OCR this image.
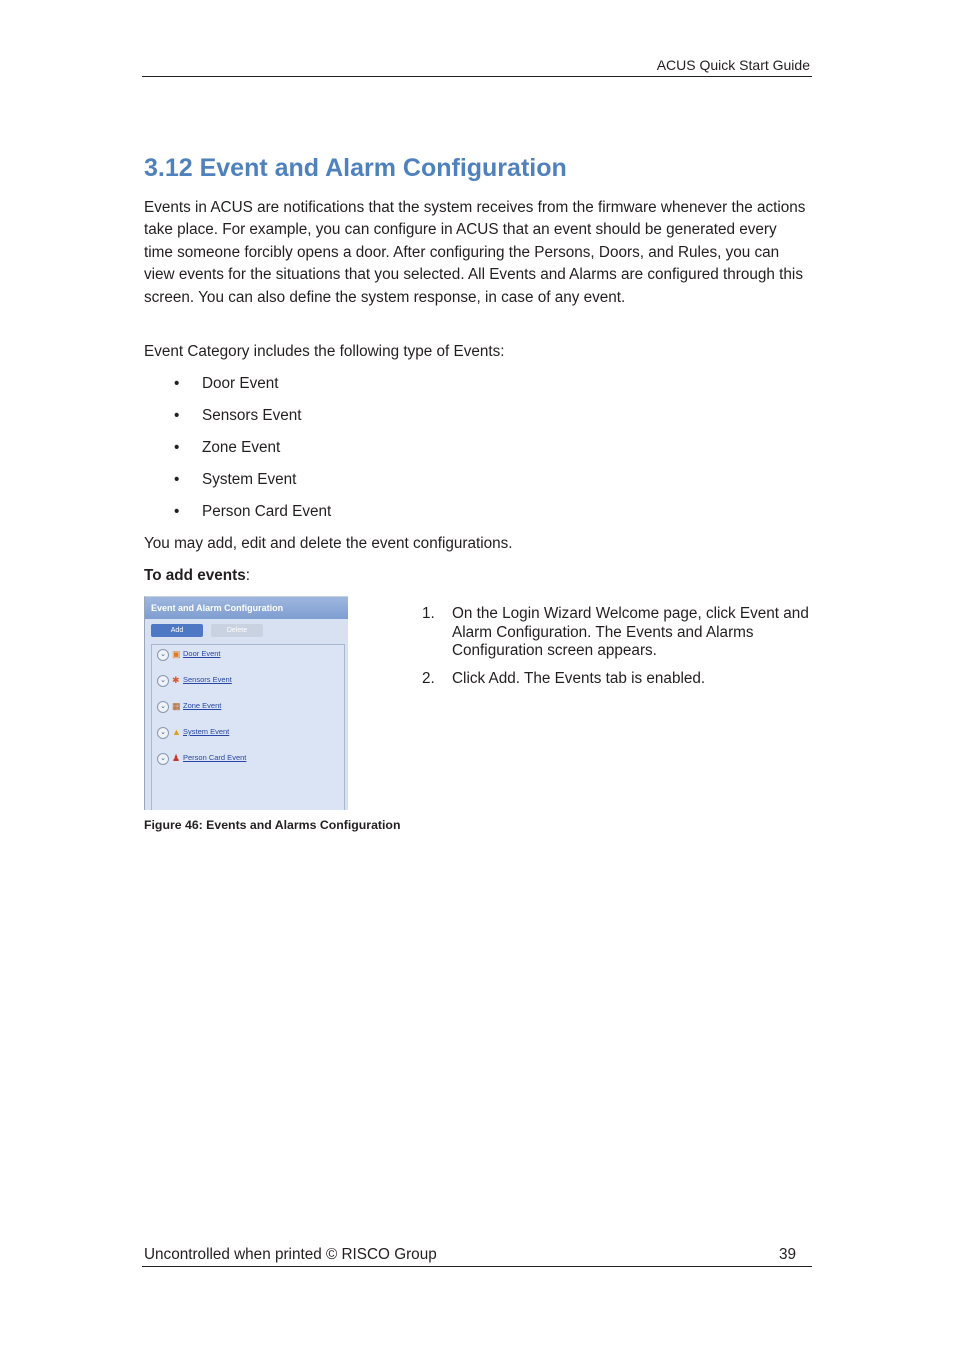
ACUS Quick Start Guide
3.12 Event and Alarm Configuration

Events in ACUS are notifications that the system receives from the firmware whenever the actions take place. For example, you can configure in ACUS that an event should be generated every time someone forcibly opens a door. After configuring the Persons, Doors, and Rules, you can view events for the situations that you selected. All Events and Alarms are configured through this screen. You can also define the system response, in case of any event.

Event Category includes the following type of Events:

• Door Event
• Sensors Event
• Zone Event
• System Event
• Person Card Event

You may add, edit and delete the event configurations.

To add events:

Event and Alarm Configuration
Add	Delete
⌄ ▣ Door Event
⌄ ✱ Sensors Event
⌄ ▦ Zone Event
⌄ ▲ System Event
⌄ ♟ Person Card Event

Figure 46: Events and Alarms Configuration

1. On the Login Wizard Welcome page, click Event and Alarm Configuration. The Events and Alarms Configuration screen appears.
2. Click Add. The Events tab is enabled.
Uncontrolled when printed © RISCO Group	39
